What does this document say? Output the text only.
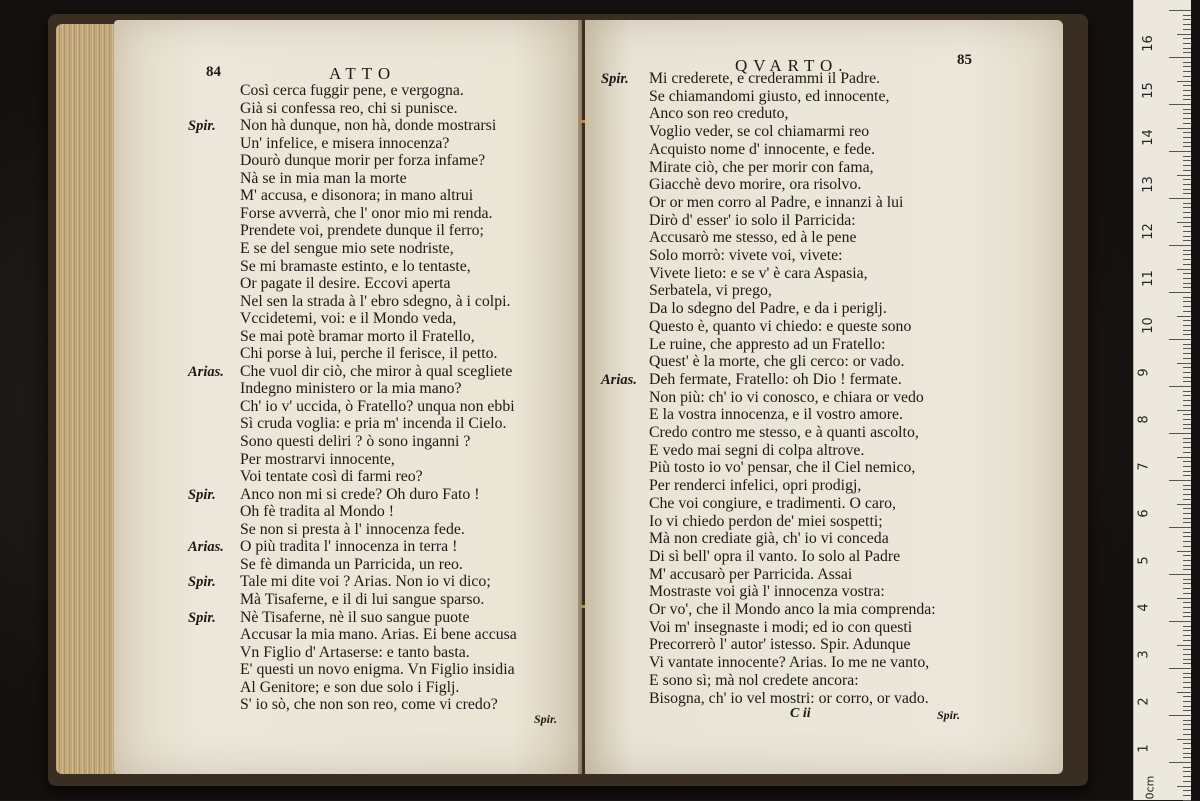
84	ATTO
Così cerca fuggir pene, e vergogna.
Già si confessa reo, chi si punisce.
Spir. Non hà dunque, non hà, donde mostrarsi
Un' infelice, e misera innocenza?
Dourò dunque morir per forza infame?
Nà se in mia man la morte
M' accusa, e disonora; in mano altrui
Forse avverrà, che l' onor mio mi renda.
Prendete voi, prendete dunque il ferro;
E se del sengue mio sete nodriste,
Se mi bramaste estinto, e lo tentaste,
Or pagate il desire. Eccovi aperta
Nel sen la strada à l' ebro sdegno, à i colpi.
Vccidetemi, voi: e il Mondo veda,
Se mai potè bramar morto il Fratello,
Chi porse à lui, perche il ferisce, il petto.
Arias. Che vuol dir ciò, che miror à qual scegliete
Indegno ministero or la mia mano?
Ch' io v' uccida, ò Fratello? unqua non ebbi
Sì cruda voglia: e pria m' incenda il Cielo.
Sono questi deliri ? ò sono inganni ?
Per mostrarvi innocente,
Voi tentate così di farmi reo?
Spir. Anco non mi si crede? Oh duro Fato !
Oh fè tradita al Mondo !
Se non si presta à l' innocenza fede.
Arias. O più tradita l' innocenza in terra !
Se fè dimanda un Parricida, un reo.
Spir. Tale mi dite voi ? Arias. Non io vi dico;
Mà Tisaferne, e il di lui sangue sparso.
Spir. Nè Tisaferne, nè il suo sangue puote
Accusar la mia mano. Arias. Ei bene accusa
Vn Figlio d' Artaserse: e tanto basta.
E' questi un novo enigma. Vn Figlio insidia
Al Genitore; e son due solo i Figlj.
S' io sò, che non son reo, come vi credo?
Spir.
QVARTO.	85
Spir. Mi crederete, e crederammi il Padre.
Se chiamandomi giusto, ed innocente,
Anco son reo creduto,
Voglio veder, se col chiamarmi reo
Acquisto nome d' innocente, e fede.
Mirate ciò, che per morir con fama,
Giacchè devo morire, ora risolvo.
Or or men corro al Padre, e innanzi à lui
Dirò d' esser' io solo il Parricida:
Accusarò me stesso, ed à le pene
Solo morrò: vivete voi, vivete:
Vivete lieto: e se v' è cara Aspasia,
Serbatela, vi prego,
Da lo sdegno del Padre, e da i periglj.
Questo è, quanto vi chiedo: e queste sono
Le ruine, che appresto ad un Fratello:
Quest' è la morte, che gli cerco: or vado.
Arias. Deh fermate, Fratello: oh Dio ! fermate.
Non più: ch' io vi conosco, e chiara or vedo
E la vostra innocenza, e il vostro amore.
Credo contro me stesso, e à quanti ascolto,
E vedo mai segni di colpa altrove.
Più tosto io vo' pensar, che il Ciel nemico,
Per renderci infelici, opri prodigj,
Che voi congiure, e tradimenti. O caro,
Io vi chiedo perdon de' miei sospetti;
Mà non crediate già, ch' io vi conceda
Di sì bell' opra il vanto. Io solo al Padre
M' accusarò per Parricida. Assai
Mostraste voi già l' innocenza vostra:
Or vo', che il Mondo anco la mia comprenda:
Voi m' insegnaste i modi; ed io con questi
Precorrerò l' autor' istesso. Spir. Adunque
Vi vantate innocente? Arias. Io me ne vanto,
E sono sì; mà nol credete ancora:
Bisogna, ch' io vel mostri: or corro, or vado.
C ii	Spir.
0cm
16
15
14
13
12
11
10
9
8
7
6
5
4
3
2
1
